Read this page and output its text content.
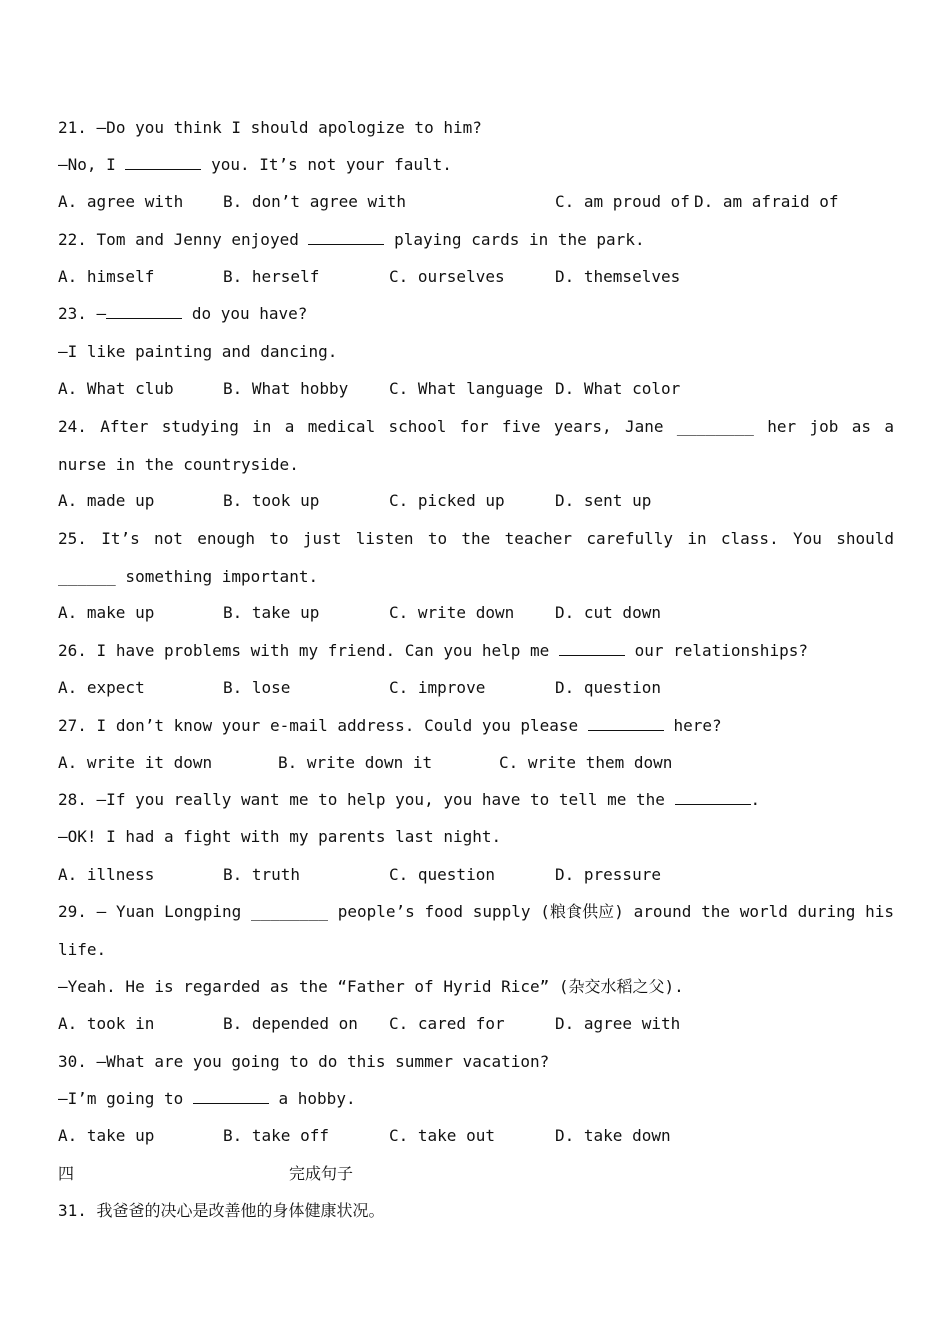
21. —Do you think I should apologize to him?
—No, I	you. It’s not your fault.
A. agree with B. don’t agree with	C. am proud of D. am afraid of
22. Tom and Jenny enjoyed	playing cards in the park.
A. himself	B. herself	C. ourselves	D. themselves
23. —	do you have?
—I like painting and dancing.
A. What club	B. What hobby	C. What language D. What color
24. After studying in a medical school for five years, Jane ________ her job as a nurse in the countryside.
A. made up	B. took up	C. picked up	D. sent up
25. It’s not enough to just listen to the teacher carefully in class. You should ______ something important.
A. make up	B. take up	C. write down	D. cut down
26. I have problems with my friend. Can you help me	our relationships?
A. expect	B. lose	C. improve	D. question
27. I don’t know your e-mail address. Could you please	here?
A. write it down	B. write down it	C. write them down
28. —If you really want me to help you, you have to tell me the	.
—OK! I had a fight with my parents last night.
A. illness	B. truth	C. question	D. pressure
29. – Yuan Longping ________ people’s food supply (粮食供应) around the world during his life.
—Yeah. He is regarded as the “Father of Hyrid Rice” (杂交水稻之父).
A. took in	B. depended on C. cared for	D. agree with
30. —What are you going to do this summer vacation?
—I’m going to	a hobby.
A. take up	B. take off	C. take out	D. take down
四	完成句子
31. 我爸爸的决心是改善他的身体健康状况。
